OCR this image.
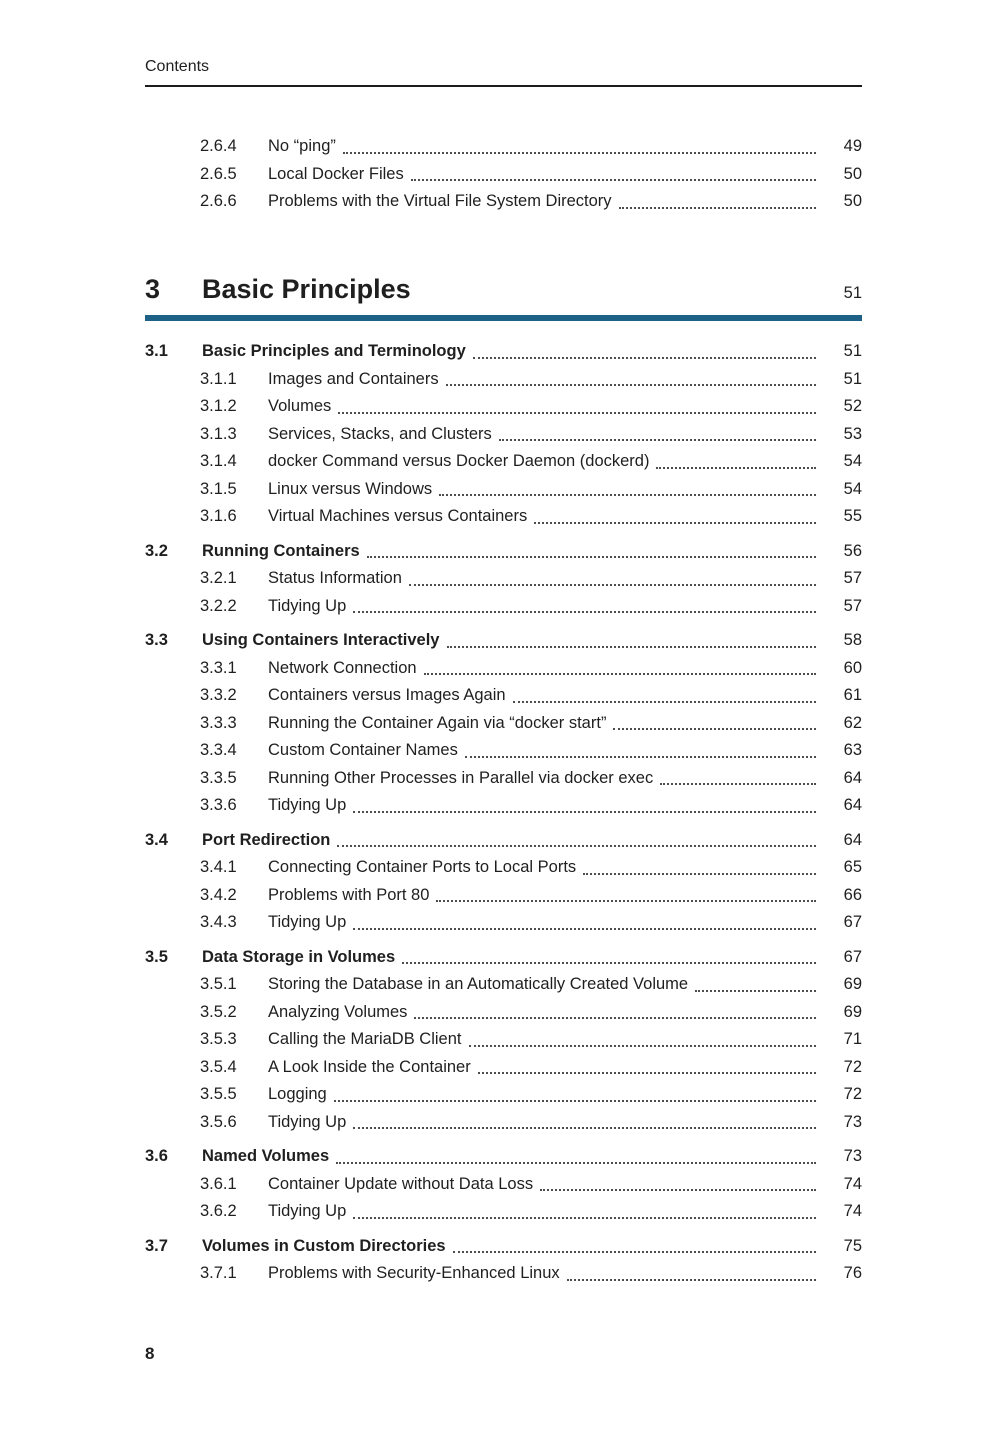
Contents
2.6.4	No “ping”	49
2.6.5	Local Docker Files	50
2.6.6	Problems with the Virtual File System Directory	50
3	Basic Principles	51
3.1	Basic Principles and Terminology	51
3.1.1	Images and Containers	51
3.1.2	Volumes	52
3.1.3	Services, Stacks, and Clusters	53
3.1.4	docker Command versus Docker Daemon (dockerd)	54
3.1.5	Linux versus Windows	54
3.1.6	Virtual Machines versus Containers	55
3.2	Running Containers	56
3.2.1	Status Information	57
3.2.2	Tidying Up	57
3.3	Using Containers Interactively	58
3.3.1	Network Connection	60
3.3.2	Containers versus Images Again	61
3.3.3	Running the Container Again via “docker start”	62
3.3.4	Custom Container Names	63
3.3.5	Running Other Processes in Parallel via docker exec	64
3.3.6	Tidying Up	64
3.4	Port Redirection	64
3.4.1	Connecting Container Ports to Local Ports	65
3.4.2	Problems with Port 80	66
3.4.3	Tidying Up	67
3.5	Data Storage in Volumes	67
3.5.1	Storing the Database in an Automatically Created Volume	69
3.5.2	Analyzing Volumes	69
3.5.3	Calling the MariaDB Client	71
3.5.4	A Look Inside the Container	72
3.5.5	Logging	72
3.5.6	Tidying Up	73
3.6	Named Volumes	73
3.6.1	Container Update without Data Loss	74
3.6.2	Tidying Up	74
3.7	Volumes in Custom Directories	75
3.7.1	Problems with Security-Enhanced Linux	76
8
